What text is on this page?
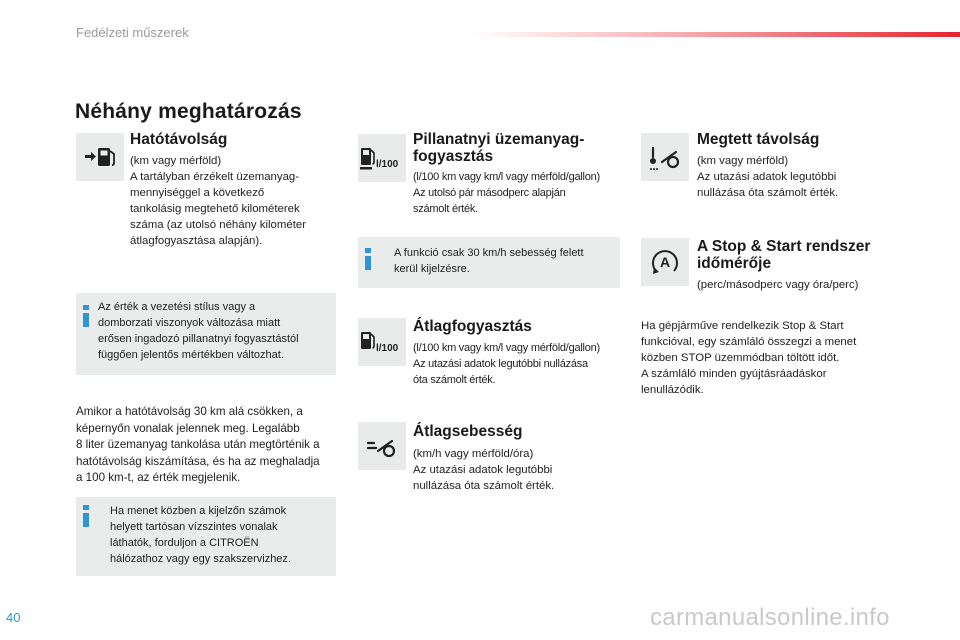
Fedélzeti műszerek
Néhány meghatározás
Hatótávolság
(km vagy mérföld)
A tartályban érzékelt üzemanyag-
mennyiséggel a következő
tankolásig megtehető kilométerek
száma (az utolsó néhány kilométer
átlagfogyasztása alapján).
Az érték a vezetési stílus vagy a
domborzati viszonyok változása miatt
erősen ingadozó pillanatnyi fogyasztástól
függően jelentős mértékben változhat.
Amikor a hatótávolság 30 km alá csökken, a
képernyőn vonalak jelennek meg. Legalább
8 liter üzemanyag tankolása után megtörténik a
hatótávolság kiszámítása, és ha az meghaladja
a 100 km-t, az érték megjelenik.
Ha menet közben a kijelzőn számok
helyett tartósan vízszintes vonalak
láthatók, forduljon a CITROËN
hálózathoz vagy egy szakszervizhez.
l/100
Pillanatnyi üzemanyag-
fogyasztás
(l/100 km vagy km/l vagy mérföld/gallon)
Az utolsó pár másodperc alapján
számolt érték.
A funkció csak 30 km/h sebesség felett
kerül kijelzésre.
l/100
Átlagfogyasztás
(l/100 km vagy km/l vagy mérföld/gallon)
Az utazási adatok legutóbbi nullázása
óta számolt érték.
Átlagsebesség
(km/h vagy mérföld/óra)
Az utazási adatok legutóbbi
nullázása óta számolt érték.
Megtett távolság
(km vagy mérföld)
Az utazási adatok legutóbbi
nullázása óta számolt érték.
A
A Stop & Start rendszer
időmérője
(perc/másodperc vagy óra/perc)
Ha gépjárműve rendelkezik Stop & Start
funkcióval, egy számláló összegzi a menet
közben STOP üzemmódban töltött időt.
A számláló minden gyújtásráadáskor
lenullázódik.
40	carmanualsonline.info
